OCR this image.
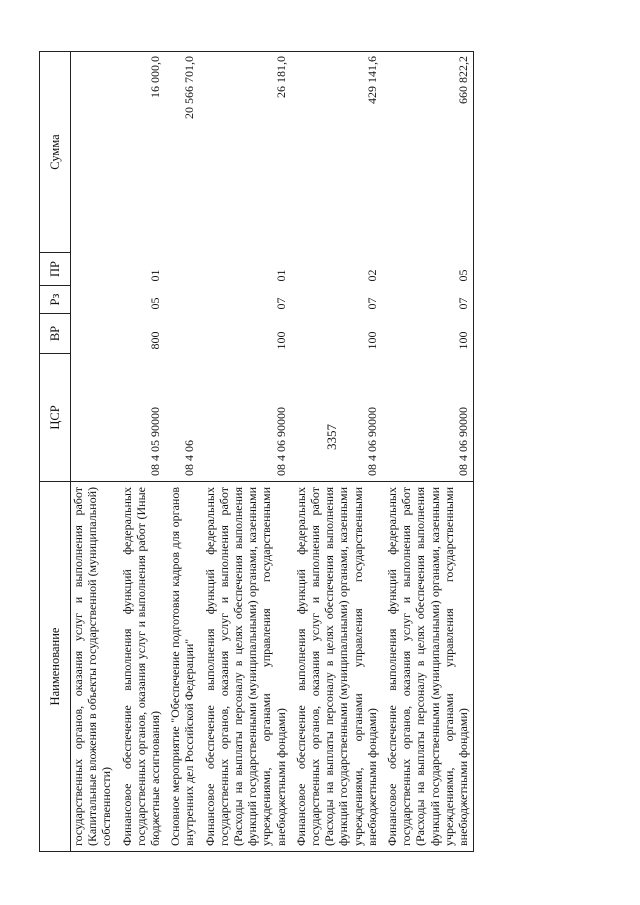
3357
Наименование	ЦСР	ВР	Рз	ПР	Сумма
государственных органов, оказания услуг и выполнения работ (Капитальные вложения в объекты государственной (муниципальной) собственности)					
Финансовое обеспечение выполнения функций федеральных государственных органов, оказания услуг и выполнения работ (Иные бюджетные ассигнования)	08 4 05 90000	800	05	01	16 000,0
Основное мероприятие "Обеспечение подготовки кадров для органов внутренних дел Российской Федерации"	08 4 06				20 566 701,0
Финансовое обеспечение выполнения функций федеральных государственных органов, оказания услуг и выполнения работ (Расходы на выплаты персоналу в целях обеспечения выполнения функций государственными (муниципальными) органами, казенными учреждениями, органами управления государственными внебюджетными фондами)	08 4 06 90000	100	07	01	26 181,0
Финансовое обеспечение выполнения функций федеральных государственных органов, оказания услуг и выполнения работ (Расходы на выплаты персоналу в целях обеспечения выполнения функций государственными (муниципальными) органами, казенными учреждениями, органами управления государственными внебюджетными фондами)	08 4 06 90000	100	07	02	429 141,6
Финансовое обеспечение выполнения функций федеральных государственных органов, оказания услуг и выполнения работ (Расходы на выплаты персоналу в целях обеспечения выполнения функций государственными (муниципальными) органами, казенными учреждениями, органами управления государственными внебюджетными фондами)	08 4 06 90000	100	07	05	660 822,2
